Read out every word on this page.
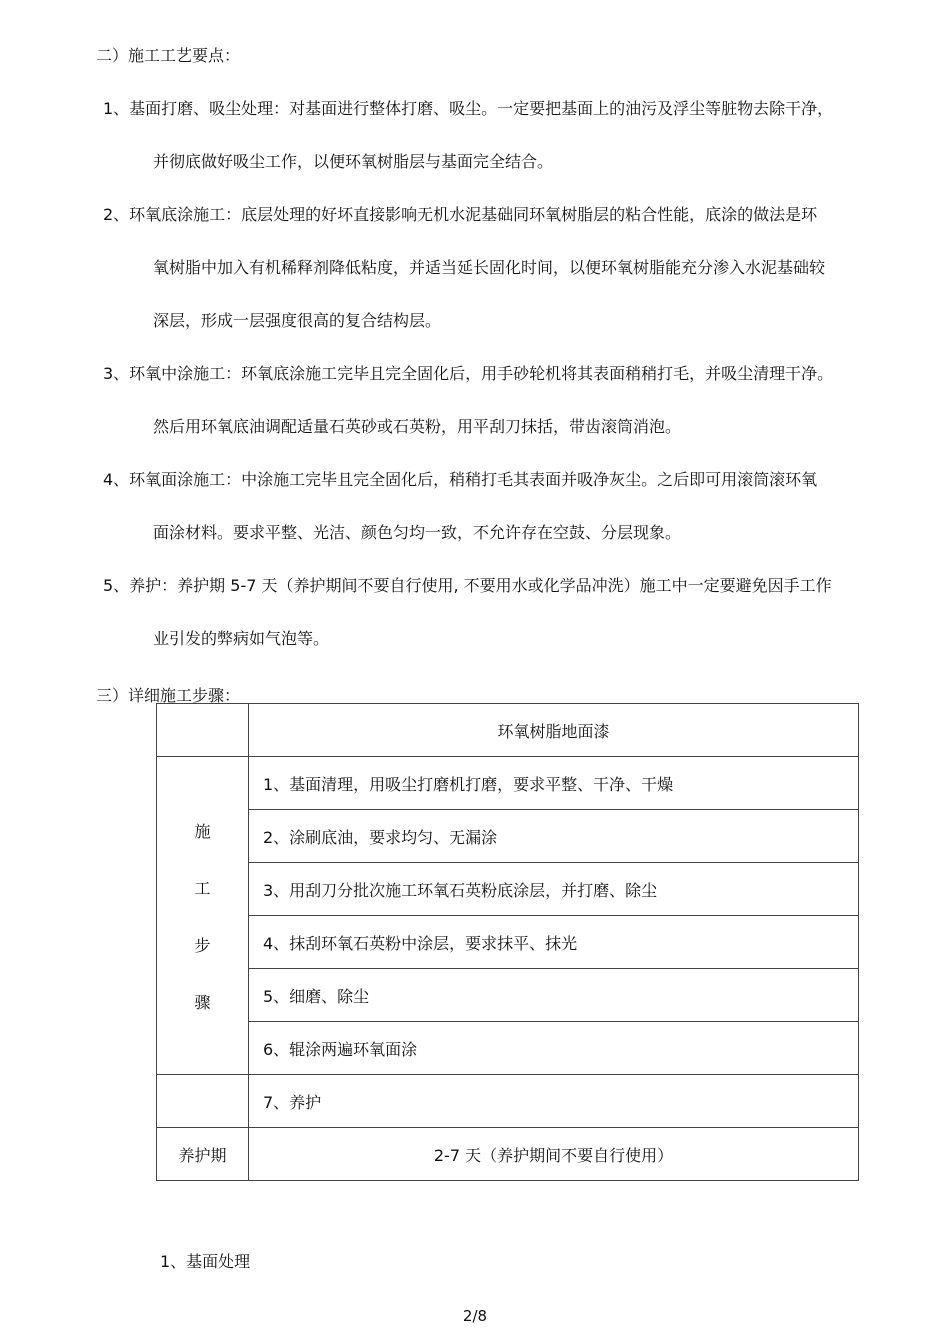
二）施工工艺要点：
1、基面打磨、吸尘处理：对基面进行整体打磨、吸尘。一定要把基面上的油污及浮尘等脏物去除干净，
并彻底做好吸尘工作，以便环氧树脂层与基面完全结合。
2、环氧底涂施工：底层处理的好坏直接影响无机水泥基础同环氧树脂层的粘合性能，底涂的做法是环
氧树脂中加入有机稀释剂降低粘度，并适当延长固化时间，以便环氧树脂能充分渗入水泥基础较
深层，形成一层强度很高的复合结构层。
3、环氧中涂施工：环氧底涂施工完毕且完全固化后，用手砂轮机将其表面稍稍打毛，并吸尘清理干净。
然后用环氧底油调配适量石英砂或石英粉，用平刮刀抹括，带齿滚筒消泡。
4、环氧面涂施工：中涂施工完毕且完全固化后，稍稍打毛其表面并吸净灰尘。之后即可用滚筒滚环氧
面涂材料。要求平整、光洁、颜色匀均一致，不允许存在空鼓、分层现象。
5、养护：养护期 5-7 天（养护期间不要自行使用, 不要用水或化学品冲洗）施工中一定要避免因手工作
业引发的弊病如气泡等。
三）详细施工步骤：
	环氧树脂地面漆

施
工
步
骤	1、基面清理，用吸尘打磨机打磨，要求平整、干净、干燥
	2、涂刷底油，要求均匀、无漏涂
	3、用刮刀分批次施工环氧石英粉底涂层，并打磨、除尘
	4、抹刮环氧石英粉中涂层，要求抹平、抹光
	5、细磨、除尘
	6、辊涂两遍环氧面涂
	7、养护
养护期	2-7 天（养护期间不要自行使用）
1、基面处理
2/8
